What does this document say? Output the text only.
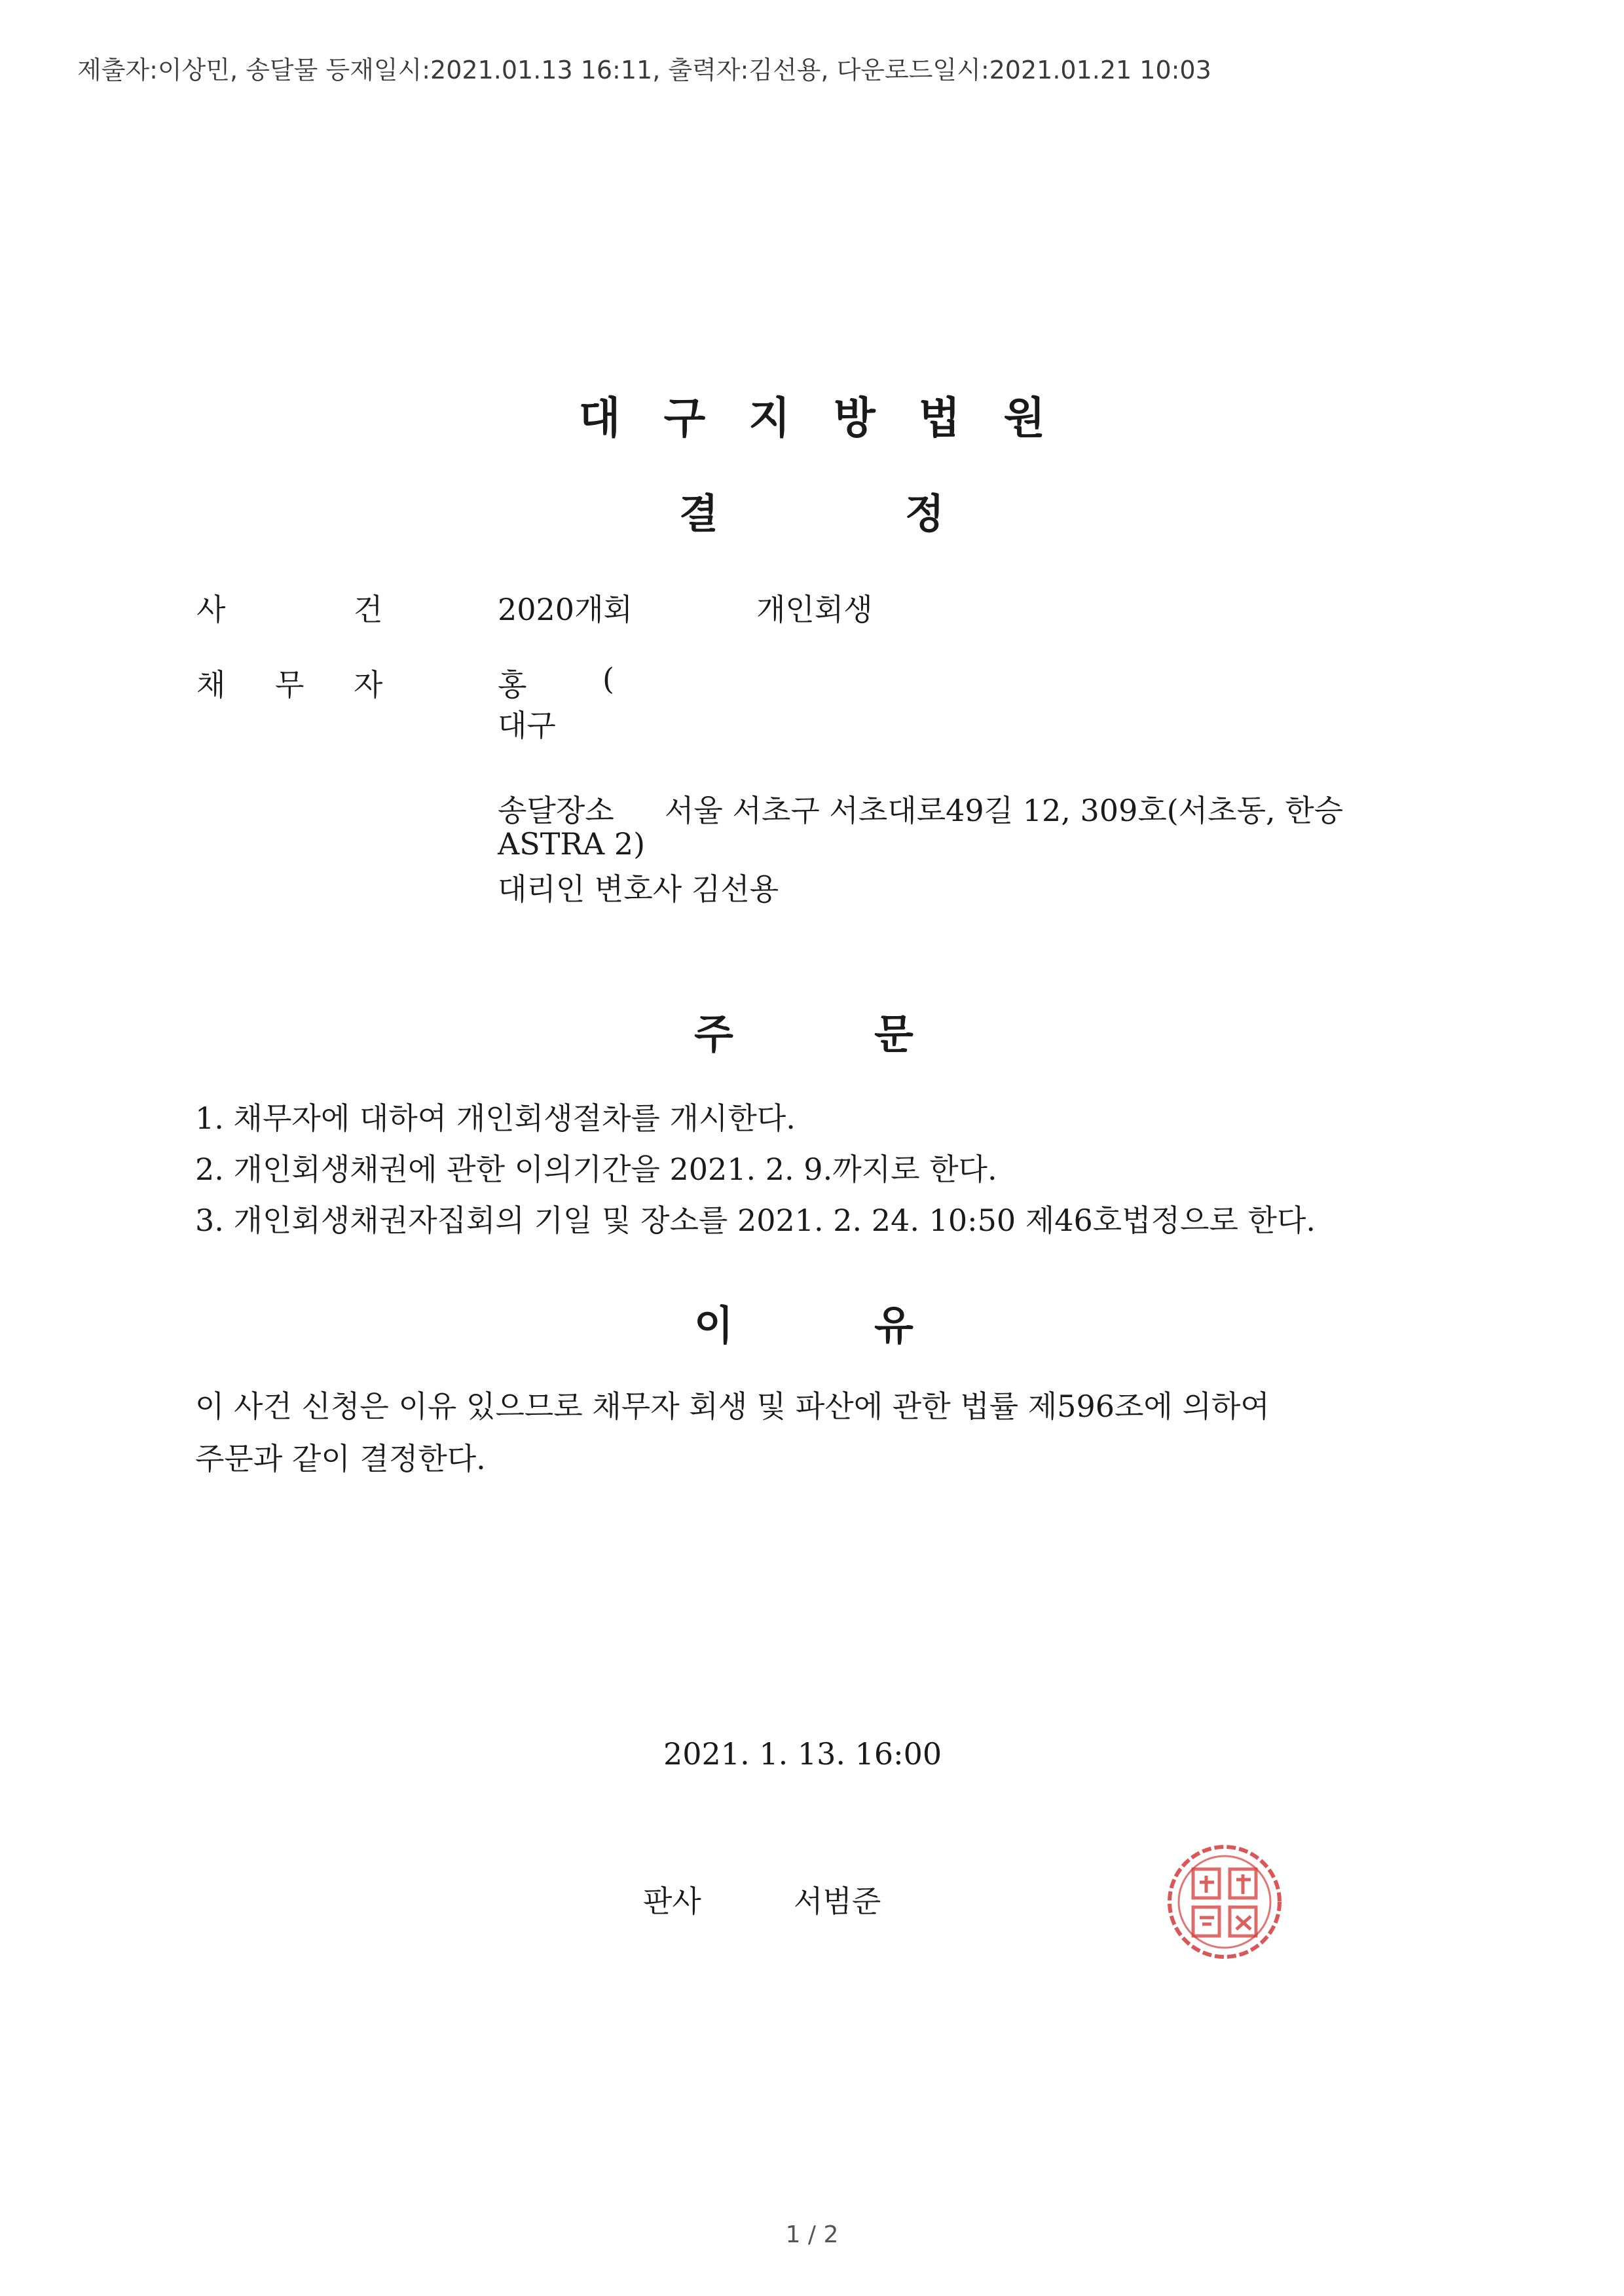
제출자:이상민, 송달물 등재일시:2021.01.13 16:11, 출력자:김선용, 다운로드일시:2021.01.21 10:03
대 구 지 방 법 원
결	정
사	건	2020개회	개인회생
채 무 자	홍	(
대구
송달장소 서울 서초구 서초대로49길 12, 309호(서초동, 한승
ASTRA 2)
대리인 변호사 김선용
주	문
1. 채무자에 대하여 개인회생절차를 개시한다.
2. 개인회생채권에 관한 이의기간을 2021. 2. 9.까지로 한다.
3. 개인회생채권자집회의 기일 및 장소를 2021. 2. 24. 10:50 제46호법정으로 한다.
이	유
이 사건 신청은 이유 있으므로 채무자 회생 및 파산에 관한 법률 제596조에 의하여
주문과 같이 결정한다.
2021. 1. 13. 16:00
판사	서범준
1 / 2
